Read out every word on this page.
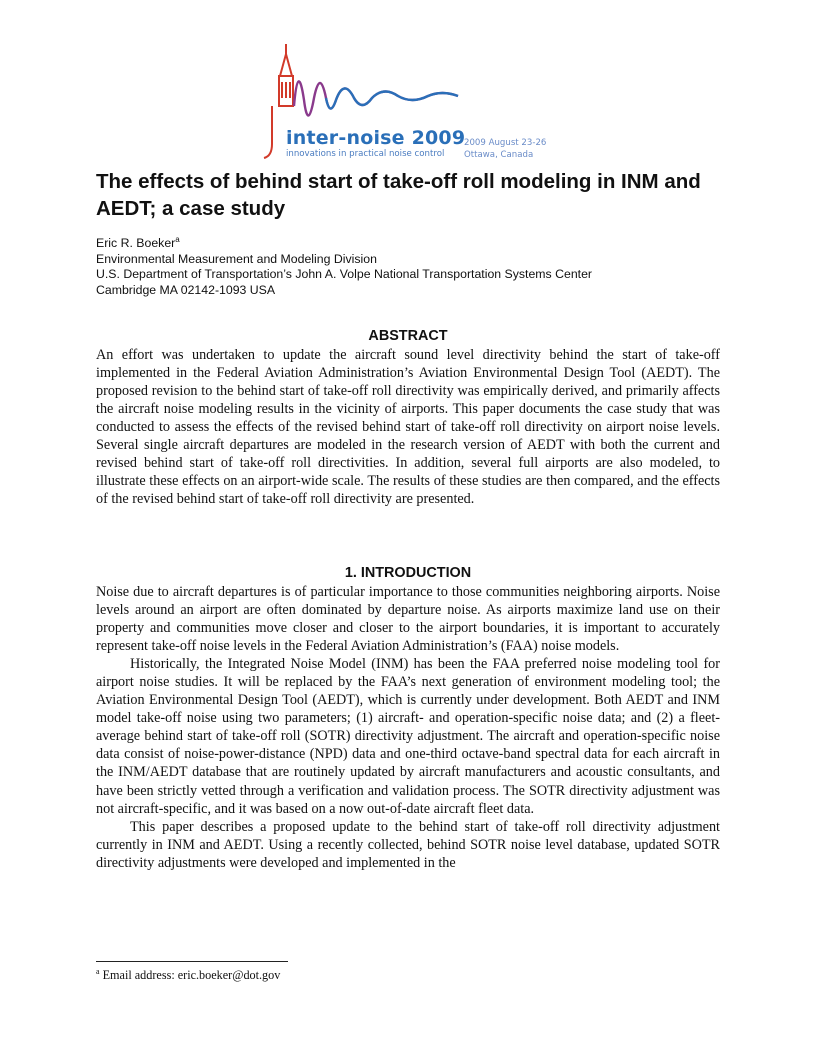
inter-noise 2009
innovations in practical noise control
2009 August 23-26
Ottawa, Canada
The effects of behind start of take-off roll modeling in INM and AEDT; a case study
Eric R. Boeker$^a$
Environmental Measurement and Modeling Division
U.S. Department of Transportation’s John A. Volpe National Transportation Systems Center
Cambridge MA 02142-1093 USA
ABSTRACT

An effort was undertaken to update the aircraft sound level directivity behind the start of take-off implemented in the Federal Aviation Administration’s Aviation Environmental Design Tool (AEDT). The proposed revision to the behind start of take-off roll directivity was empirically derived, and primarily affects the aircraft noise modeling results in the vicinity of airports. This paper documents the case study that was conducted to assess the effects of the revised behind start of take-off roll directivity on airport noise levels. Several single aircraft departures are modeled in the research version of AEDT with both the current and revised behind start of take-off roll directivities. In addition, several full airports are also modeled, to illustrate these effects on an airport-wide scale. The results of these studies are then compared, and the effects of the revised behind start of take-off roll directivity are presented.

1. INTRODUCTION

Noise due to aircraft departures is of particular importance to those communities neighboring airports. Noise levels around an airport are often dominated by departure noise. As airports maximize land use on their property and communities move closer and closer to the airport boundaries, it is important to accurately represent take-off noise levels in the Federal Aviation Administration’s (FAA) noise models.

Historically, the Integrated Noise Model (INM) has been the FAA preferred noise modeling tool for airport noise studies. It will be replaced by the FAA’s next generation of environment modeling tool; the Aviation Environmental Design Tool (AEDT), which is currently under development. Both AEDT and INM model take-off noise using two parameters; (1) aircraft- and operation-specific noise data; and (2) a fleet-average behind start of take-off roll (SOTR) directivity adjustment. The aircraft and operation-specific noise data consist of noise-power-distance (NPD) data and one-third octave-band spectral data for each aircraft in the INM/AEDT database that are routinely updated by aircraft manufacturers and acoustic consultants, and have been strictly vetted through a verification and validation process. The SOTR directivity adjustment was not aircraft-specific, and it was based on a now out-of-date aircraft fleet data.

This paper describes a proposed update to the behind start of take-off roll directivity adjustment currently in INM and AEDT. Using a recently collected, behind SOTR noise level database, updated SOTR directivity adjustments were developed and implemented in the

$^a$ Email address: eric.boeker@dot.gov
